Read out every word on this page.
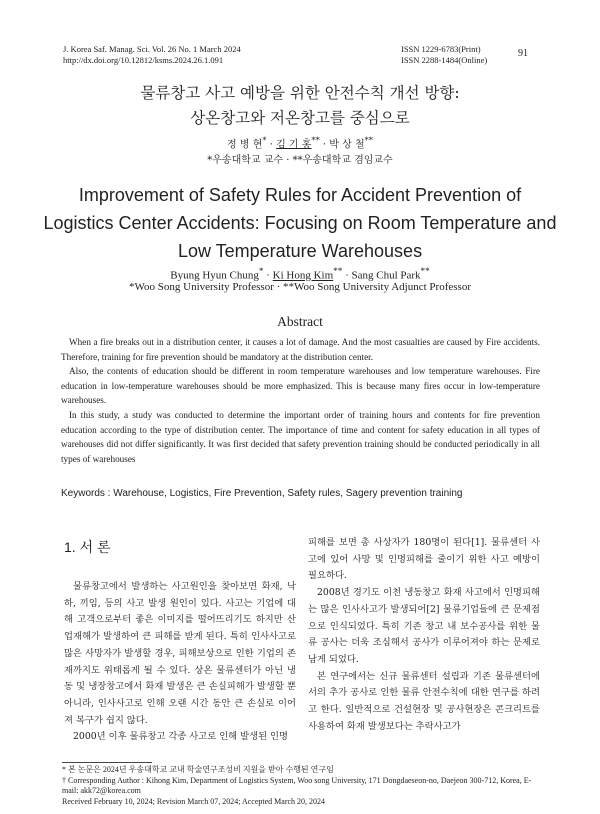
J. Korea Saf. Manag. Sci. Vol. 26 No. 1 March 2024
http://dx.doi.org/10.12812/ksms.2024.26.1.091
ISSN 1229-6783(Print)
ISSN 2288-1484(Online)
91
물류창고 사고 예방을 위한 안전수칙 개선 방향:
상온창고와 저온창고를 중심으로
정 병 현* · 김 기 홍** · 박 상 철**
*우송대학교 교수 · **우송대학교 겸임교수
Improvement of Safety Rules for Accident Prevention of
Logistics Center Accidents: Focusing on Room Temperature and
Low Temperature Warehouses
Byung Hyun Chung* · Ki Hong Kim** · Sang Chul Park**
*Woo Song University Professor · **Woo Song University Adjunct Professor
Abstract

When a fire breaks out in a distribution center, it causes a lot of damage. And the most casualties are caused by Fire accidents. Therefore, training for fire prevention should be mandatory at the distribution center.

Also, the contents of education should be different in room temperature warehouses and low temperature warehouses. Fire education in low-temperature warehouses should be more emphasized. This is because many fires occur in low-temperature warehouses.

In this study, a study was conducted to determine the important order of training hours and contents for fire prevention education according to the type of distribution center. The importance of time and content for safety education in all types of warehouses did not differ significantly. It was first decided that safety prevention training should be conducted periodically in all types of warehouses

Keywords : Warehouse, Logistics, Fire Prevention, Safety rules, Sagery prevention training
1. 서 론

물류창고에서 발생하는 사고원인을 찾아보면 화재, 낙하, 끼임, 등의 사고 발생 원인이 있다. 사고는 기업에 대해 고객으로부터 좋은 이미지를 떨어뜨리기도 하지만 산업재해가 발생하여 큰 피해를 받게 된다. 특히 인사사고로 많은 사망자가 발생할 경우, 피해보상으로 인한 기업의 존재까지도 위태롭게 될 수 있다. 상온 물류센터가 아닌 냉동 및 냉장창고에서 화재 발생은 큰 손실피해가 발생할 뿐 아니라, 인사사고로 인해 오랜 시간 동안 큰 손실로 이어져 복구가 쉽지 않다.

2000년 이후 물류창고 각종 사고로 인해 발생된 인명

피해를 보면 총 사상자가 180명이 된다[1]. 물류센터 사고에 있어 사망 및 인명피해를 줄이기 위한 사고 예방이 필요하다.

2008년 경기도 이천 냉동창고 화재 사고에서 인명피해는 많은 인사사고가 발생되어[2] 물류기업들에 큰 문제점으로 인식되었다. 특히 기존 창고 내 보수공사를 위한 물류 공사는 더욱 조심해서 공사가 이루어져야 하는 문제로 남게 되었다.

본 연구에서는 신규 물류센터 설립과 기존 물류센터에서의 추가 공사로 인한 물류 안전수칙에 대한 연구를 하려고 한다. 일반적으로 건설현장 및 공사현장은 콘크리트를 사용하여 화재 발생보다는 추락사고가

* 본 논문은 2024년 우송대학교 교내 학술연구조성비 지원을 받아 수행된 연구임
† Corresponding Author : Kihong Kim, Department of Logistics System, Woo song University, 171 Dongdaeseon-no, Daejeon 300-712, Korea, E-mail: akk72@korea.com
Received February 10, 2024; Revision March 07, 2024; Accepted March 20, 2024
